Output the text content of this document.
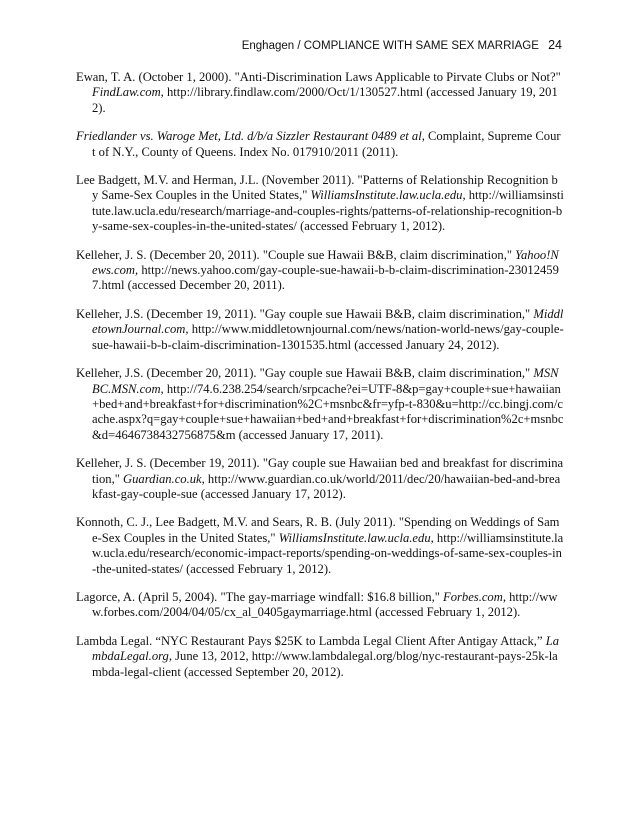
Enghagen / COMPLIANCE WITH SAME SEX MARRIAGE 24

Ewan, T. A. (October 1, 2000). "Anti-Discrimination Laws Applicable to Pirvate Clubs or Not?" FindLaw.com, http://library.findlaw.com/2000/Oct/1/130527.html (accessed January 19, 2012).

Friedlander vs. Waroge Met, Ltd. d/b/a Sizzler Restaurant 0489 et al, Complaint, Supreme Court of N.Y., County of Queens. Index No. 017910/2011 (2011).

Lee Badgett, M.V. and Herman, J.L. (November 2011). "Patterns of Relationship Recognition by Same-Sex Couples in the United States," WilliamsInstitute.law.ucla.edu, http://williamsinstitute.law.ucla.edu/research/marriage-and-couples-rights/patterns-of-relationship-recognition-by-same-sex-couples-in-the-united-states/ (accessed February 1, 2012).

Kelleher, J. S. (December 20, 2011). "Couple sue Hawaii B&B, claim discrimination," Yahoo!News.com, http://news.yahoo.com/gay-couple-sue-hawaii-b-b-claim-discrimination-230124597.html (accessed December 20, 2011).

Kelleher, J.S. (December 19, 2011). "Gay couple sue Hawaii B&B, claim discrimination," MiddletownJournal.com, http://www.middletownjournal.com/news/nation-world-news/gay-couple-sue-hawaii-b-b-claim-discrimination-1301535.html (accessed January 24, 2012).

Kelleher, J.S. (December 20, 2011). "Gay couple sue Hawaii B&B, claim discrimination," MSNBC.MSN.com, http://74.6.238.254/search/srpcache?ei=UTF-8&p=gay+couple+sue+hawaiian+bed+and+breakfast+for+discrimination%2C+msnbc&fr=yfp-t-830&u=http://cc.bingj.com/cache.aspx?q=gay+couple+sue+hawaiian+bed+and+breakfast+for+discrimination%2c+msnbc&d=4646738432756875&m (accessed January 17, 2011).

Kelleher, J. S. (December 19, 2011). "Gay couple sue Hawaiian bed and breakfast for discrimination," Guardian.co.uk, http://www.guardian.co.uk/world/2011/dec/20/hawaiian-bed-and-breakfast-gay-couple-sue (accessed January 17, 2012).

Konnoth, C. J., Lee Badgett, M.V. and Sears, R. B. (July 2011). "Spending on Weddings of Same-Sex Couples in the United States," WilliamsInstitute.law.ucla.edu, http://williamsinstitute.law.ucla.edu/research/economic-impact-reports/spending-on-weddings-of-same-sex-couples-in-the-united-states/ (accessed February 1, 2012).

Lagorce, A. (April 5, 2004). "The gay-marriage windfall: $16.8 billion," Forbes.com, http://www.forbes.com/2004/04/05/cx_al_0405gaymarriage.html (accessed February 1, 2012).

Lambda Legal. “NYC Restaurant Pays $25K to Lambda Legal Client After Antigay Attack,” LambdaLegal.org, June 13, 2012, http://www.lambdalegal.org/blog/nyc-restaurant-pays-25k-lambda-legal-client (accessed September 20, 2012).
